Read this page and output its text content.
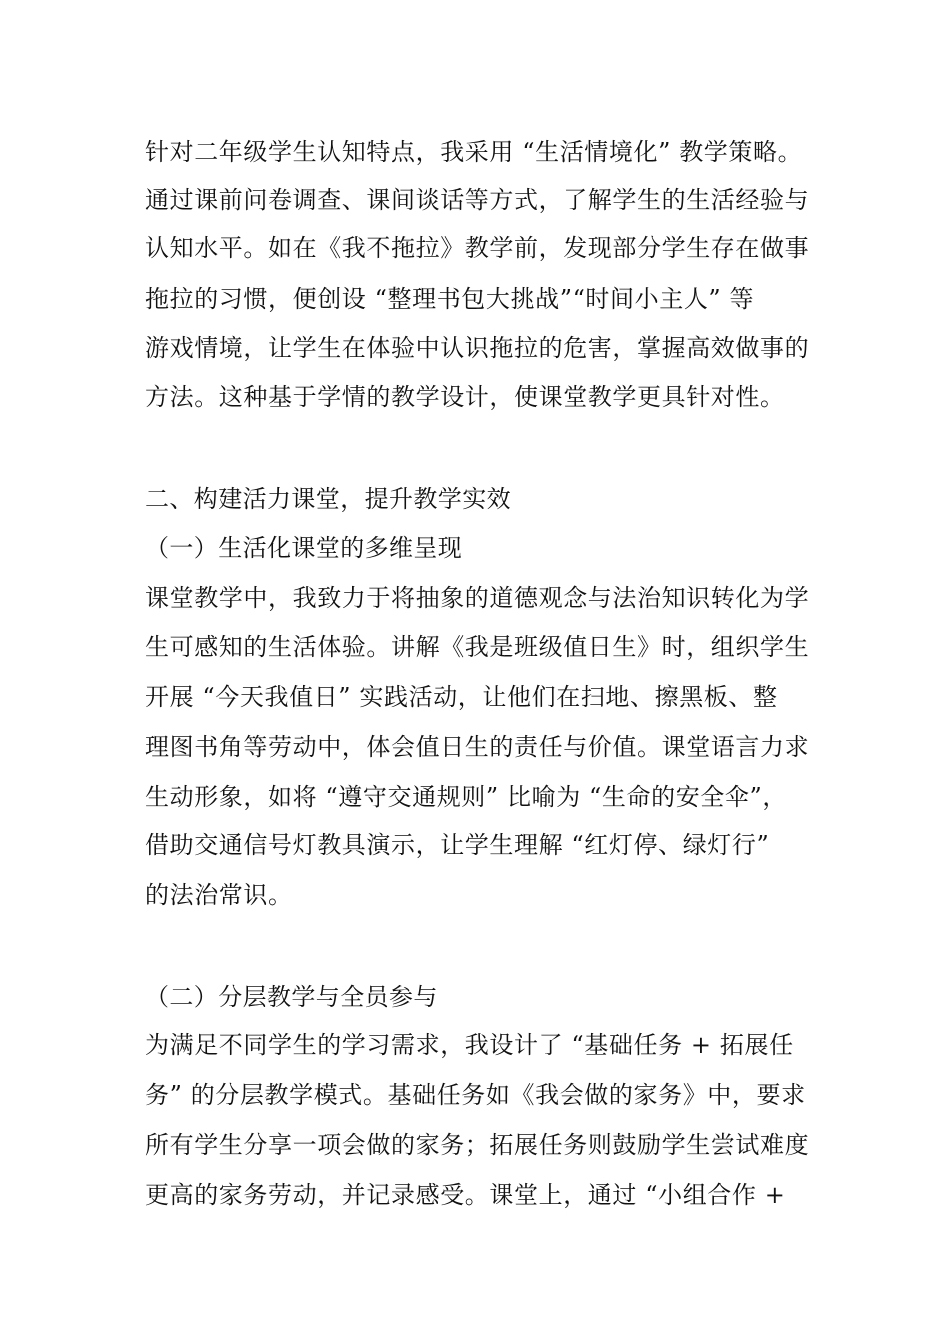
针对二年级学生认知特点，我采用 “生活情境化” 教学策略。
通过课前问卷调查、课间谈话等方式，了解学生的生活经验与
认知水平。如在《我不拖拉》教学前，发现部分学生存在做事
拖拉的习惯，便创设 “整理书包大挑战”“时间小主人” 等
游戏情境，让学生在体验中认识拖拉的危害，掌握高效做事的
方法。这种基于学情的教学设计，使课堂教学更具针对性。
二、构建活力课堂，提升教学实效
（一）生活化课堂的多维呈现
课堂教学中，我致力于将抽象的道德观念与法治知识转化为学
生可感知的生活体验。讲解《我是班级值日生》时，组织学生
开展 “今天我值日” 实践活动，让他们在扫地、擦黑板、整
理图书角等劳动中，体会值日生的责任与价值。课堂语言力求
生动形象，如将 “遵守交通规则” 比喻为 “生命的安全伞”，
借助交通信号灯教具演示，让学生理解 “红灯停、绿灯行”
的法治常识。
（二）分层教学与全员参与
为满足不同学生的学习需求，我设计了 “基础任务 + 拓展任
务” 的分层教学模式。基础任务如《我会做的家务》中，要求
所有学生分享一项会做的家务；拓展任务则鼓励学生尝试难度
更高的家务劳动，并记录感受。课堂上，通过 “小组合作 +
